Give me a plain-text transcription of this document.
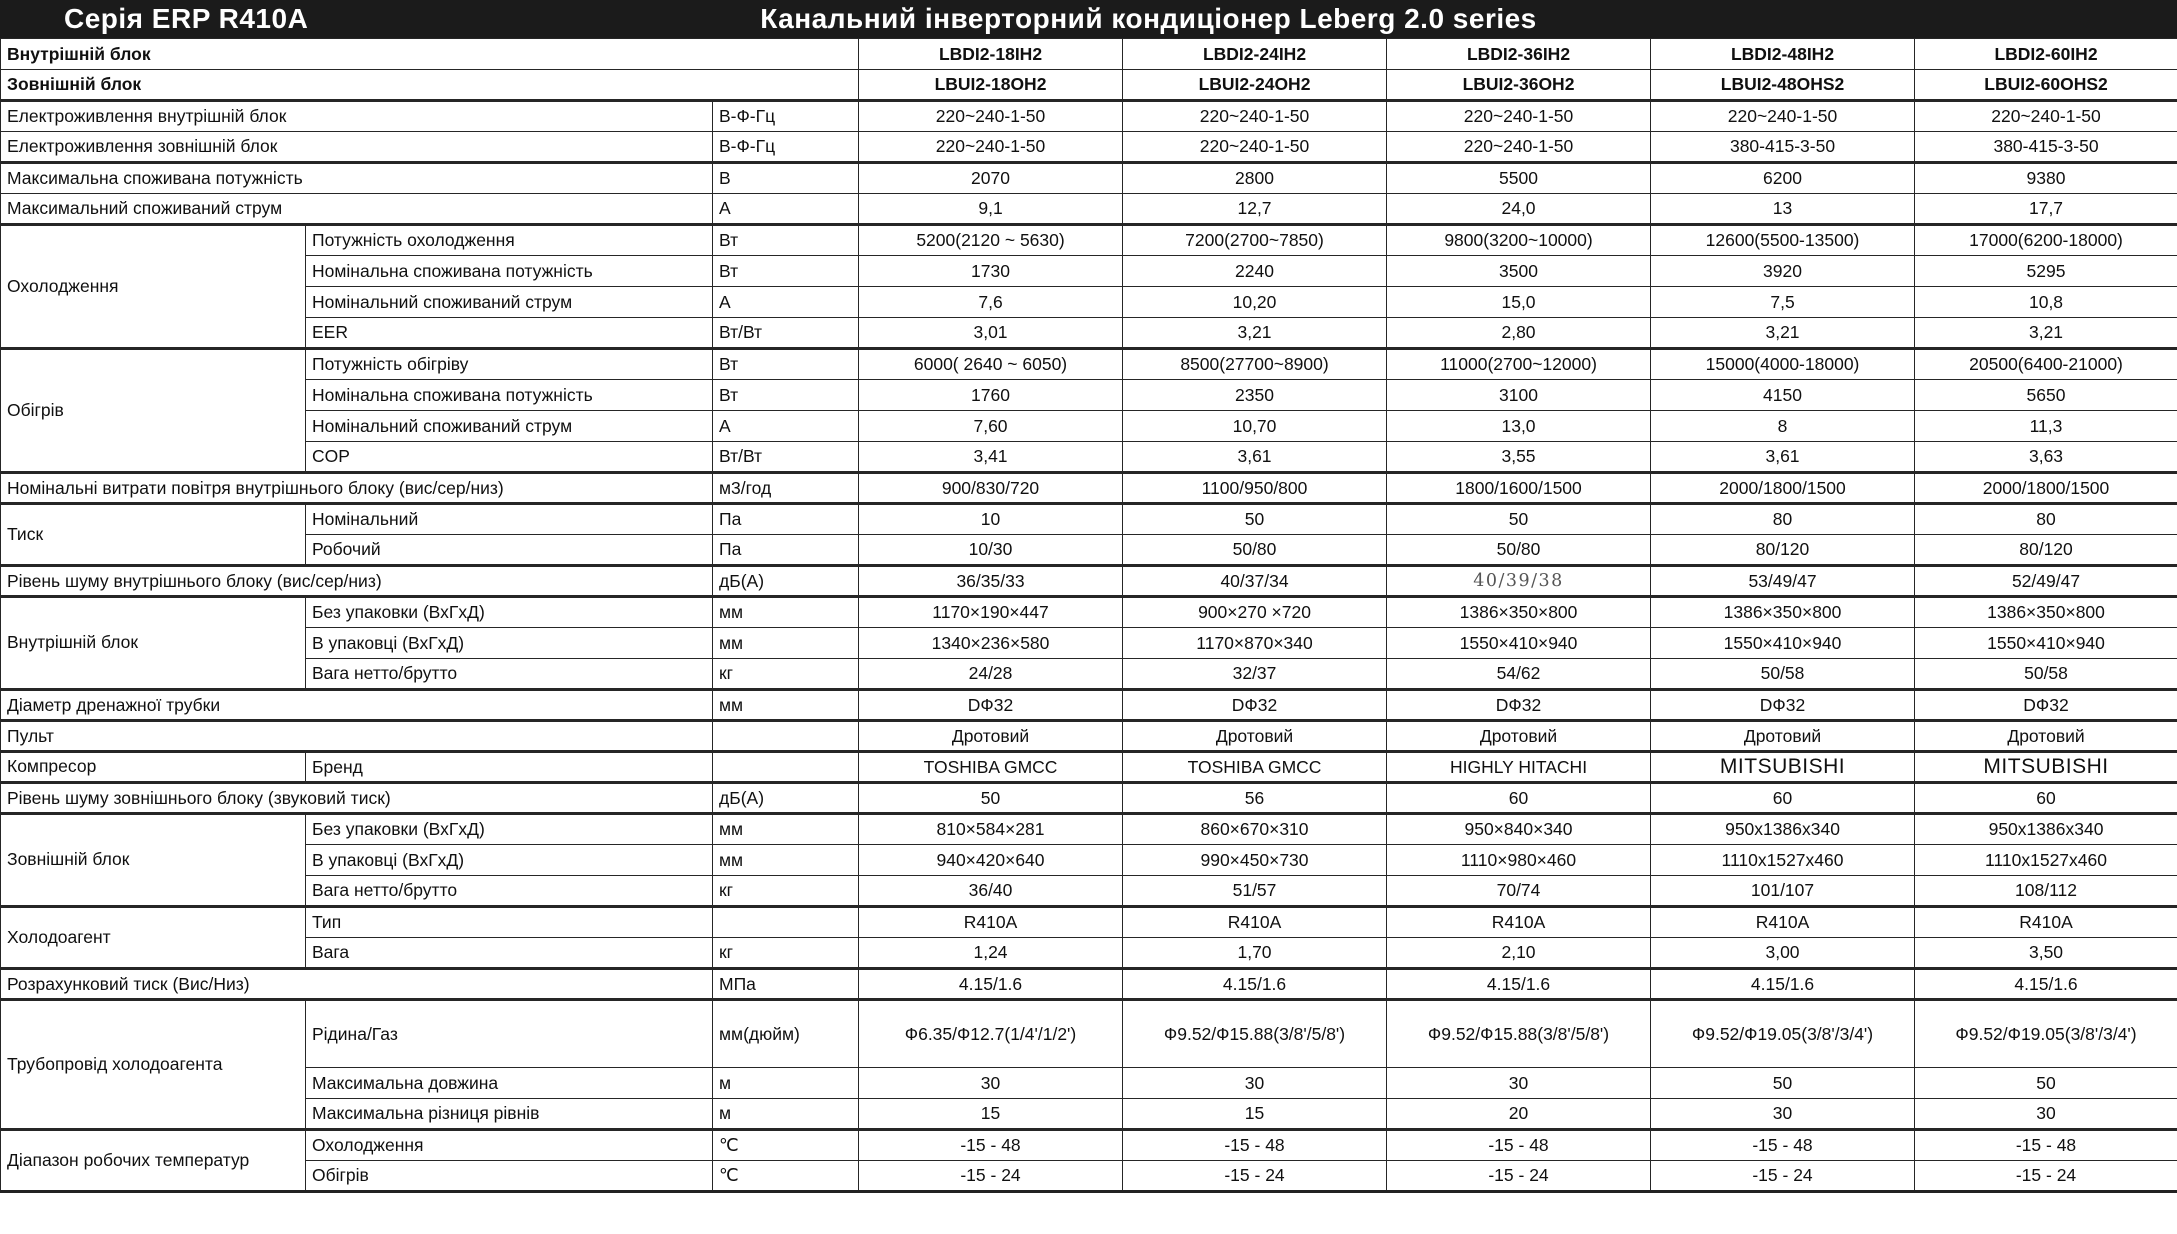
Серія ERP R410A	Канальний інверторний кондиціонер Leberg 2.0 series
Внутрішній блок			LBDI2-18IH2	LBDI2-24IH2	LBDI2-36IH2	LBDI2-48IH2	LBDI2-60IH2
Зовнішній блок			LBUI2-18OH2	LBUI2-24OH2	LBUI2-36OH2	LBUI2-48OHS2	LBUI2-60OHS2
Електроживлення внутрішній блок		В-Ф-Гц	220~240-1-50	220~240-1-50	220~240-1-50	220~240-1-50	220~240-1-50
Електроживлення зовнішній блок		В-Ф-Гц	220~240-1-50	220~240-1-50	220~240-1-50	380-415-3-50	380-415-3-50
Максимальна споживана потужність		В	2070	2800	5500	6200	9380
Максимальний споживаний струм		А	9,1	12,7	24,0	13	17,7
Охолодження	Потужність охолодження	Вт	5200(2120 ~ 5630)	7200(2700~7850)	9800(3200~10000)	12600(5500-13500)	17000(6200-18000)
	Номінальна споживана потужність	Вт	1730	2240	3500	3920	5295
	Номінальний споживаний струм	А	7,6	10,20	15,0	7,5	10,8
	EER	Вт/Вт	3,01	3,21	2,80	3,21	3,21
Обігрів	Потужність обігріву	Вт	6000( 2640 ~ 6050)	8500(27700~8900)	11000(2700~12000)	15000(4000-18000)	20500(6400-21000)
	Номінальна споживана потужність	Вт	1760	2350	3100	4150	5650
	Номінальний споживаний струм	А	7,60	10,70	13,0	8	11,3
	COP	Вт/Вт	3,41	3,61	3,55	3,61	3,63
Номінальні витрати повітря внутрішнього блоку (вис/сер/низ)		м3/год	900/830/720	1100/950/800	1800/1600/1500	2000/1800/1500	2000/1800/1500
Тиск	Номінальний	Па	10	50	50	80	80
	Робочий	Па	10/30	50/80	50/80	80/120	80/120
Рівень шуму внутрішнього блоку (вис/сер/низ)		дБ(А)	36/35/33	40/37/34	40/39/38	53/49/47	52/49/47
Внутрішній блок	Без упаковки (ВхГхД)	мм	1170×190×447	900×270 ×720	1386×350×800	1386×350×800	1386×350×800
	В упаковці (ВхГхД)	мм	1340×236×580	1170×870×340	1550×410×940	1550×410×940	1550×410×940
	Вага нетто/брутто	кг	24/28	32/37	54/62	50/58	50/58
Діаметр дренажної трубки		мм	DФ32	DФ32	DФ32	DФ32	DФ32
Пульт			Дротовий	Дротовий	Дротовий	Дротовий	Дротовий
Компресор	Бренд		TOSHIBA GMCC	TOSHIBA GMCC	HIGHLY HITACHI	MITSUBISHI	MITSUBISHI
Рівень шуму зовнішнього блоку (звуковий тиск)		дБ(А)	50	56	60	60	60
Зовнішній блок	Без упаковки (ВхГхД)	мм	810×584×281	860×670×310	950×840×340	950x1386x340	950x1386x340
	В упаковці (ВхГхД)	мм	940×420×640	990×450×730	1110×980×460	1110x1527x460	1110x1527x460
	Вага нетто/брутто	кг	36/40	51/57	70/74	101/107	108/112
Холодоагент	Тип		R410A	R410A	R410A	R410A	R410A
	Вага	кг	1,24	1,70	2,10	3,00	3,50
Розрахунковий тиск (Вис/Низ)		МПа	4.15/1.6	4.15/1.6	4.15/1.6	4.15/1.6	4.15/1.6
Трубопровід холодоагента	Рідина/Газ	мм(дюйм)	Ф6.35/Ф12.7(1/4'/1/2')	Ф9.52/Ф15.88(3/8'/5/8')	Ф9.52/Ф15.88(3/8'/5/8')	Ф9.52/Ф19.05(3/8'/3/4')	Ф9.52/Ф19.05(3/8'/3/4')
	Максимальна довжина	м	30	30	30	50	50
	Максимальна різниця рівнів	м	15	15	20	30	30
Діапазон робочих температур	Охолодження	℃	-15 - 48	-15 - 48	-15 - 48	-15 - 48	-15 - 48
	Обігрів	℃	-15 - 24	-15 - 24	-15 - 24	-15 - 24	-15 - 24
